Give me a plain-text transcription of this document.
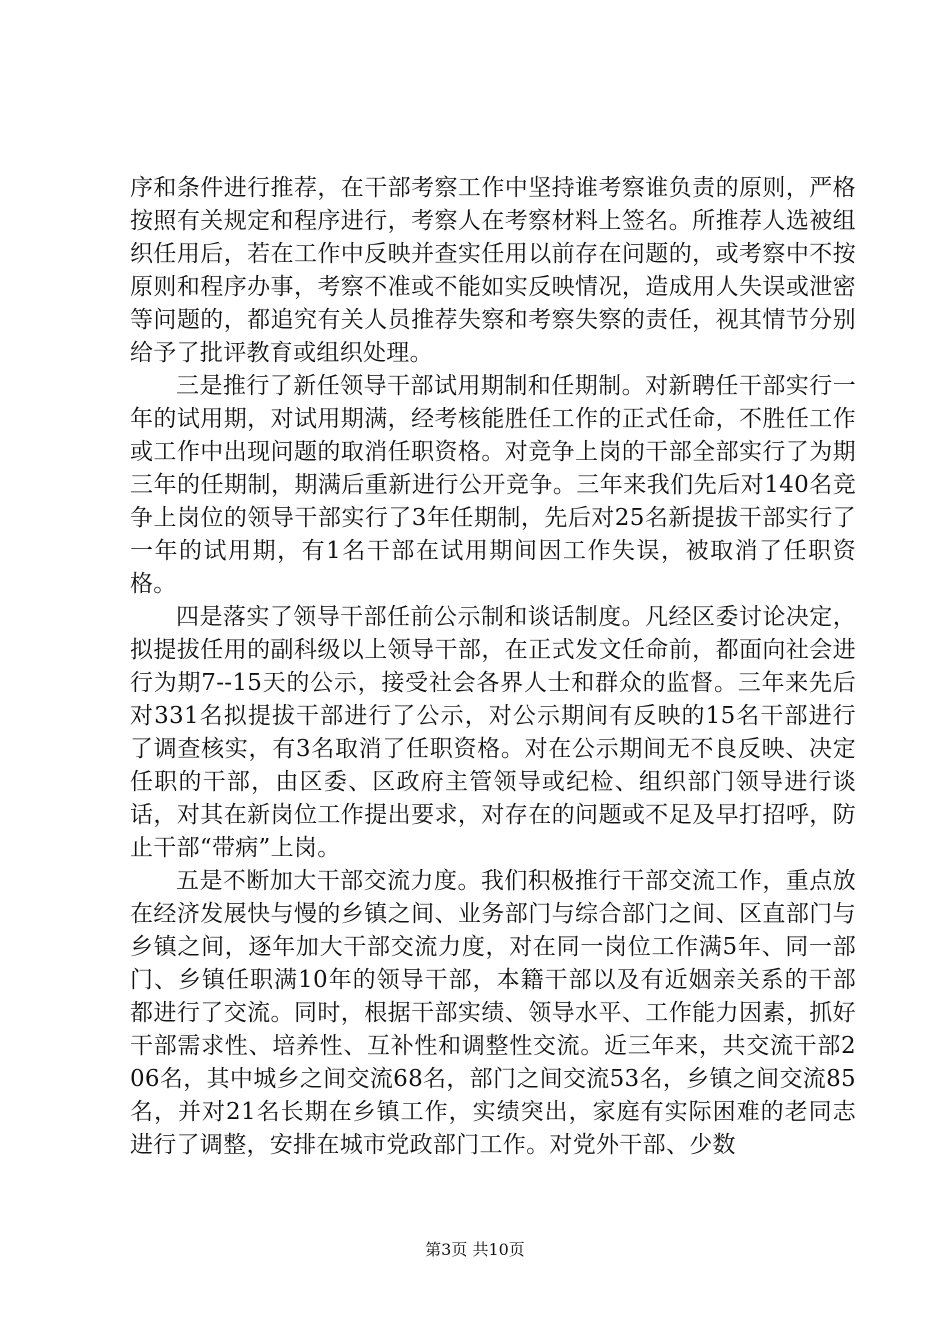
序和条件进行推荐，在干部考察工作中坚持谁考察谁负责的原则，严格按照有关规定和程序进行，考察人在考察材料上签名。所推荐人选被组织任用后，若在工作中反映并查实任用以前存在问题的，或考察中不按原则和程序办事，考察不准或不能如实反映情况，造成用人失误或泄密等问题的，都追究有关人员推荐失察和考察失察的责任，视其情节分别给予了批评教育或组织处理。

三是推行了新任领导干部试用期制和任期制。对新聘任干部实行一年的试用期，对试用期满，经考核能胜任工作的正式任命，不胜任工作或工作中出现问题的取消任职资格。对竞争上岗的干部全部实行了为期三年的任期制，期满后重新进行公开竞争。三年来我们先后对140名竞争上岗位的领导干部实行了3年任期制，先后对25名新提拔干部实行了一年的试用期，有1名干部在试用期间因工作失误，被取消了任职资格。

四是落实了领导干部任前公示制和谈话制度。凡经区委讨论决定，拟提拔任用的副科级以上领导干部，在正式发文任命前，都面向社会进行为期7--15天的公示，接受社会各界人士和群众的监督。三年来先后对331名拟提拔干部进行了公示，对公示期间有反映的15名干部进行了调查核实，有3名取消了任职资格。对在公示期间无不良反映、决定任职的干部，由区委、区政府主管领导或纪检、组织部门领导进行谈话，对其在新岗位工作提出要求，对存在的问题或不足及早打招呼，防止干部“带病”上岗。

五是不断加大干部交流力度。我们积极推行干部交流工作，重点放在经济发展快与慢的乡镇之间、业务部门与综合部门之间、区直部门与乡镇之间，逐年加大干部交流力度，对在同一岗位工作满5年、同一部门、乡镇任职满10年的领导干部，本籍干部以及有近姻亲关系的干部都进行了交流。同时，根据干部实绩、领导水平、工作能力因素，抓好干部需求性、培养性、互补性和调整性交流。近三年来，共交流干部206名，其中城乡之间交流68名，部门之间交流53名，乡镇之间交流85名，并对21名长期在乡镇工作，实绩突出，家庭有实际困难的老同志进行了调整，安排在城市党政部门工作。对党外干部、少数

第3页 共10页
